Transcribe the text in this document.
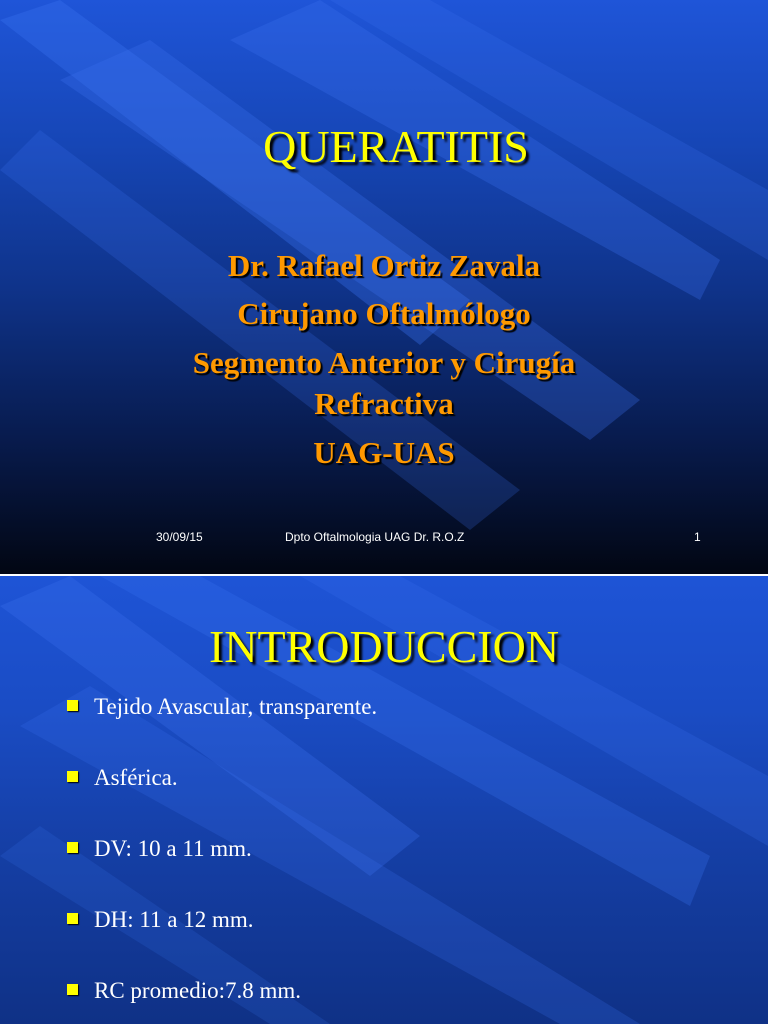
QUERATITIS
Dr. Rafael Ortiz Zavala
Cirujano Oftalmólogo
Segmento Anterior y Cirugía
Refractiva
UAG-UAS
30/09/15	Dpto Oftalmologia UAG Dr. R.O.Z	1
INTRODUCCION
Tejido Avascular, transparente.
Asférica.
DV: 10 a 11 mm.
DH: 11 a 12 mm.
RC promedio:7.8 mm.
